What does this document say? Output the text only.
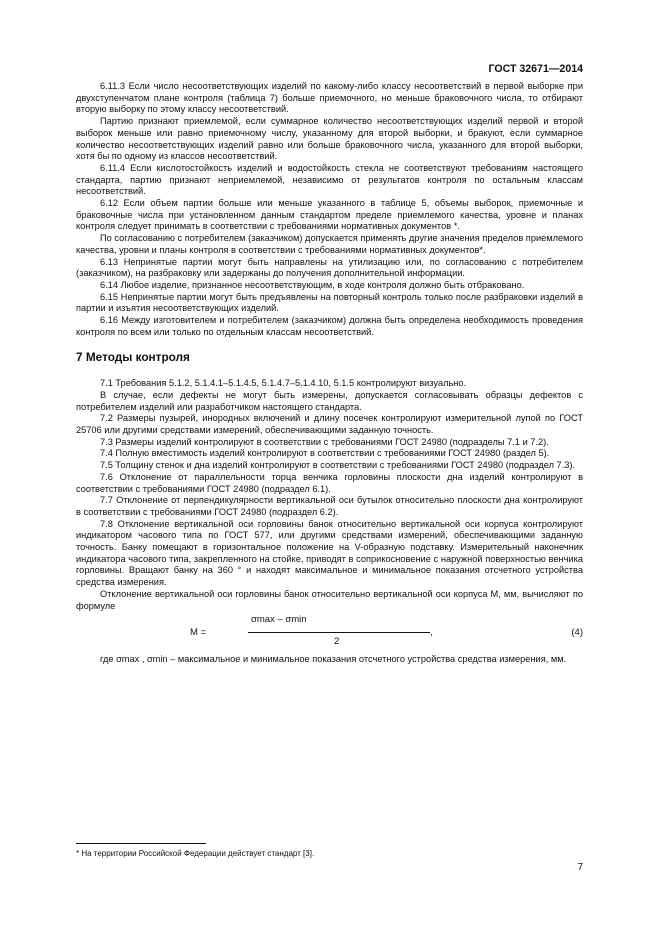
ГОСТ 32671—2014

6.11.3 Если число несоответствующих изделий по какому-либо классу несоответствий в первой выборке при двухступенчатом плане контроля (таблица 7) больше приемочного, но меньше браковочного числа, то отбирают вторую выборку по этому классу несоответствий.

Партию признают приемлемой, если суммарное количество несоответствующих изделий первой и второй выборок меньше или равно приемочному числу, указанному для второй выборки, и бракуют, если суммарное количество несоответствующих изделий равно или больше браковочного числа, указанного для второй выборки, хотя бы по одному из классов несоответствий.

6.11.4 Если кислотостойкость изделий и водостойкость стекла не соответствуют требованиям настоящего стандарта, партию признают неприемлемой, независимо от результатов контроля по остальным классам несоответствий.

6.12 Если объем партии больше или меньше указанного в таблице 5, объемы выборок, приемочные и браковочные числа при установленном данным стандартом пределе приемлемого качества, уровне и планах контроля следует принимать в соответствии с требованиями нормативных документов *.

По согласованию с потребителем (заказчиком) допускается применять другие значения пределов приемлемого качества, уровни и планы контроля в соответствии с требованиями нормативных документов*.

6.13 Непринятые партии могут быть направлены на утилизацию или, по согласованию с потребителем (заказчиком), на разбраковку или задержаны до получения дополнительной информации.

6.14 Любое изделие, признанное несоответствующим, в ходе контроля должно быть отбраковано.

6.15 Непринятые партии могут быть предъявлены на повторный контроль только после разбраковки изделий в партии и изъятия несоответствующих изделий.

6.16 Между изготовителем и потребителем (заказчиком) должна быть определена необходимость проведения контроля по всем или только по отдельным классам несоответствий.

7 Методы контроля

7.1 Требования 5.1.2, 5.1.4.1–5.1.4.5, 5.1.4.7–5.1.4.10, 5.1.5 контролируют визуально.

В случае, если дефекты не могут быть измерены, допускается согласовывать образцы дефектов с потребителем изделий или разработчиком настоящего стандарта.

7.2 Размеры пузырей, инородных включений и длину посечек контролируют измерительной лупой по ГОСТ 25706 или другими средствами измерений, обеспечивающими заданную точность.

7.3 Размеры изделий контролируют в соответствии с требованиями ГОСТ 24980 (подразделы 7.1 и 7.2).

7.4 Полную вместимость изделий контролируют в соответствии с требованиями ГОСТ 24980 (раздел 5).

7.5 Толщину стенок и дна изделий контролируют в соответствии с требованиями ГОСТ 24980 (подраздел 7.3).

7.6 Отклонение от параллельности торца венчика горловины плоскости дна изделий контролируют в соответствии с требованиями ГОСТ 24980 (подраздел 6.1).

7.7 Отклонение от перпендикулярности вертикальной оси бутылок относительно плоскости дна контролируют в соответствии с требованиями ГОСТ 24980 (подраздел 6.2).

7.8 Отклонение вертикальной оси горловины банок относительно вертикальной оси корпуса контролируют индикатором часового типа по ГОСТ 577, или другими средствами измерений, обеспечивающими заданную точность. Банку помещают в горизонтальное положение на V-образную подставку. Измерительный наконечник индикатора часового типа, закрепленного на стойке, приводят в соприкосновение с наружной поверхностью венчика горловины. Вращают банку на 360 ° и находят максимальное и минимальное показания отсчетного устройства средства измерения.

Отклонение вертикальной оси горловины банок относительно вертикальной оси корпуса M, мм, вычисляют по формуле

M =
σmax – σmin
2
,	(4)

где σmax , σmin – максимальное и минимальное показания отсчетного устройства средства измерения, мм.

* На территории Российской Федерации действует стандарт [3].
7
